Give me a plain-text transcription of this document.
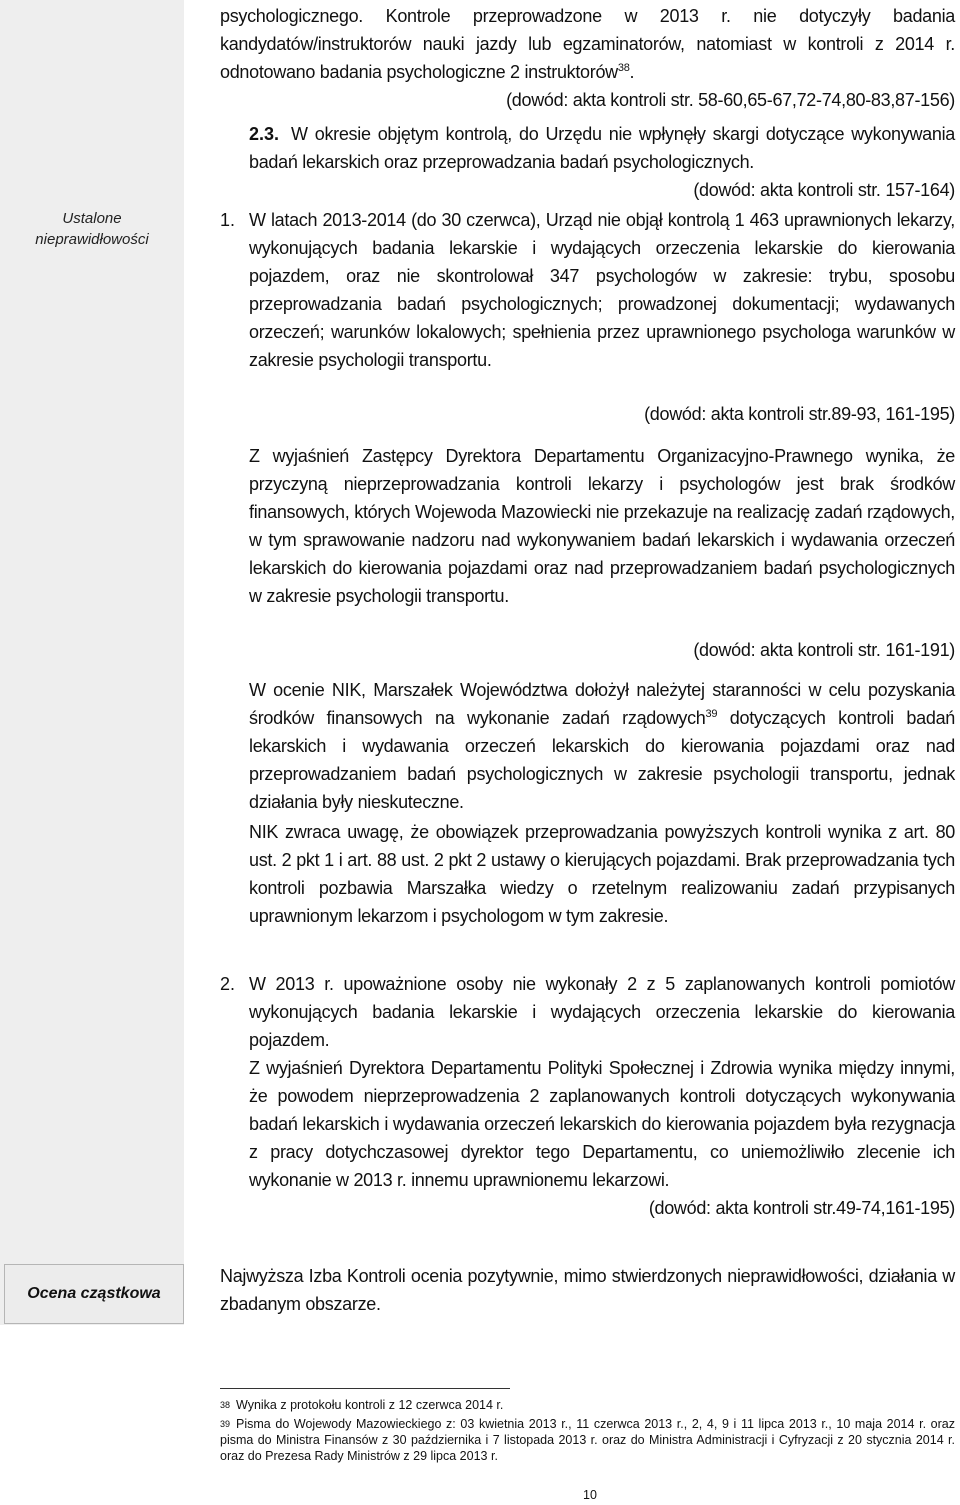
Ustalone
nieprawidłowości
Ocena cząstkowa

psychologicznego. Kontrole przeprowadzone w 2013 r. nie dotyczyły badania kandydatów/instruktorów nauki jazdy lub egzaminatorów, natomiast w kontroli z 2014 r. odnotowano badania psychologiczne 2 instruktorów$^{38}$.

(dowód: akta kontroli str. 58-60,65-67,72-74,80-83,87-156)

2.3. W okresie objętym kontrolą, do Urzędu nie wpłynęły skargi dotyczące wykonywania badań lekarskich oraz przeprowadzania badań psychologicznych.

(dowód: akta kontroli str. 157-164)

1. W latach 2013-2014 (do 30 czerwca), Urząd nie objął kontrolą 1 463 uprawnionych lekarzy, wykonujących badania lekarskie i wydających orzeczenia lekarskie do kierowania pojazdem, oraz nie skontrolował 347 psychologów w zakresie: trybu, sposobu przeprowadzania badań psychologicznych; prowadzonej dokumentacji; wydawanych orzeczeń; warunków lokalowych; spełnienia przez uprawnionego psychologa warunków w zakresie psychologii transportu.

(dowód: akta kontroli str.89-93, 161-195)

Z wyjaśnień Zastępcy Dyrektora Departamentu Organizacyjno-Prawnego wynika, że przyczyną nieprzeprowadzania kontroli lekarzy i psychologów jest brak środków finansowych, których Wojewoda Mazowiecki nie przekazuje na realizację zadań rządowych, w tym sprawowanie nadzoru nad wykonywaniem badań lekarskich i wydawania orzeczeń lekarskich do kierowania pojazdami oraz nad przeprowadzaniem badań psychologicznych w zakresie psychologii transportu.

(dowód: akta kontroli str. 161-191)

W ocenie NIK, Marszałek Województwa dołożył należytej staranności w celu pozyskania środków finansowych na wykonanie zadań rządowych$^{39}$ dotyczących kontroli badań lekarskich i wydawania orzeczeń lekarskich do kierowania pojazdami oraz nad przeprowadzaniem badań psychologicznych w zakresie psychologii transportu, jednak działania były nieskuteczne.

NIK zwraca uwagę, że obowiązek przeprowadzania powyższych kontroli wynika z art. 80 ust. 2 pkt 1 i art. 88 ust. 2 pkt 2 ustawy o kierujących pojazdami. Brak przeprowadzania tych kontroli pozbawia Marszałka wiedzy o rzetelnym realizowaniu zadań przypisanych uprawnionym lekarzom i psychologom w tym zakresie.

2. W 2013 r. upoważnione osoby nie wykonały 2 z 5 zaplanowanych kontroli pomiotów wykonujących badania lekarskie i wydających orzeczenia lekarskie do kierowania pojazdem.

Z wyjaśnień Dyrektora Departamentu Polityki Społecznej i Zdrowia wynika między innymi, że powodem nieprzeprowadzenia 2 zaplanowanych kontroli dotyczących wykonywania badań lekarskich i wydawania orzeczeń lekarskich do kierowania pojazdem była rezygnacja z pracy dotychczasowej dyrektor tego Departamentu, co uniemożliwiło zlecenie ich wykonanie w 2013 r. innemu uprawnionemu lekarzowi.

(dowód: akta kontroli str.49-74,161-195)

Najwyższa Izba Kontroli ocenia pozytywnie, mimo stwierdzonych nieprawidłowości, działania w zbadanym obszarze.

38 Wynika z protokołu kontroli z 12 czerwca 2014 r.

39 Pisma do Wojewody Mazowieckiego z: 03 kwietnia 2013 r., 11 czerwca 2013 r., 2, 4, 9 i 11 lipca 2013 r., 10 maja 2014 r. oraz pisma do Ministra Finansów z 30 października i 7 listopada 2013 r. oraz do Ministra Administracji i Cyfryzacji z 20 stycznia 2014 r. oraz do Prezesa Rady Ministrów z 29 lipca 2013 r.

10
